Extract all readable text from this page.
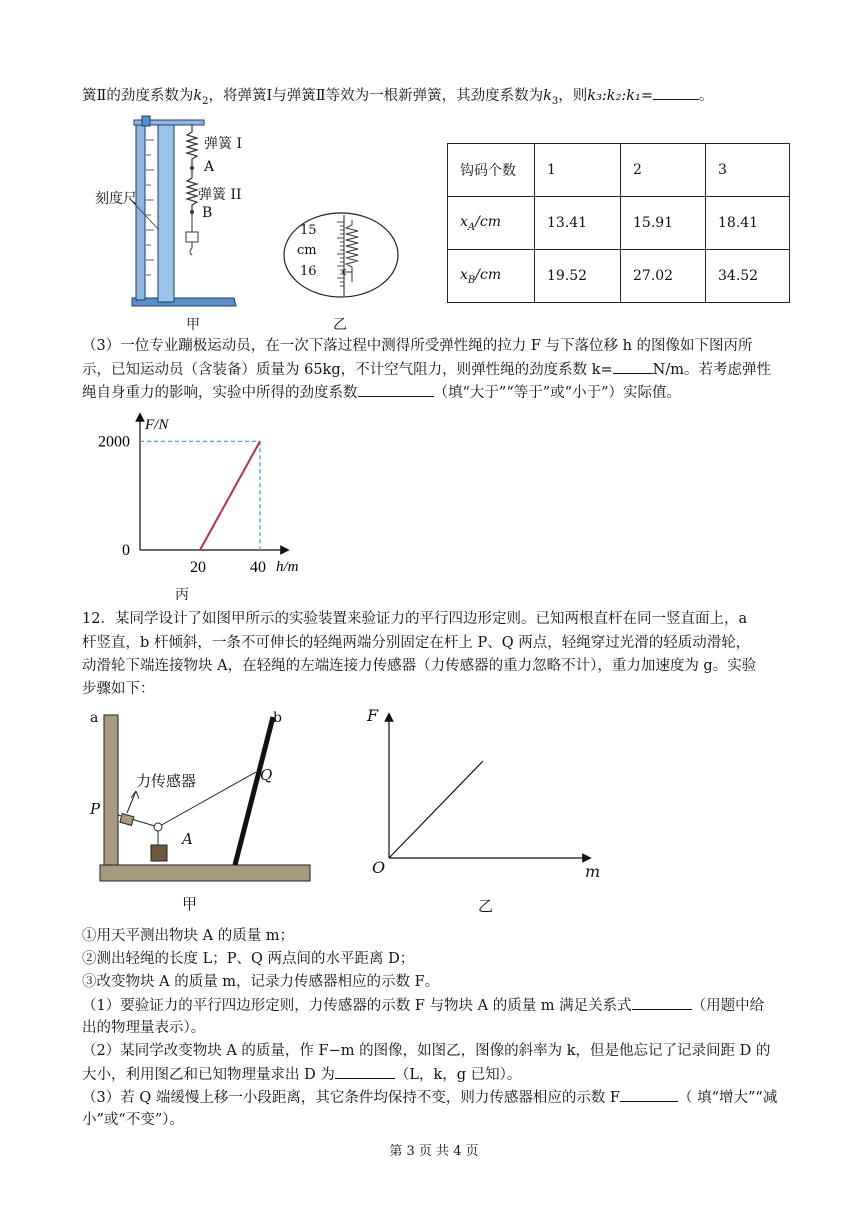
簧Ⅱ的劲度系数为$k_2$，将弹簧Ⅰ与弹簧Ⅱ等效为一根新弹簧，其劲度系数为$k_3$，则k₃:k₂:k₁=	。
刻度尺
弹簧 I
A
弹簧 II
B
甲
15
cm
16
乙
钩码个数	1	2	3
$x_A/cm$	13.41	15.91	18.41
$x_B/cm$	19.52	27.02	34.52
（3）一位专业蹦极运动员，在一次下落过程中测得所受弹性绳的拉力 F 与下落位移 h 的图像如下图丙所
示，已知运动员（含装备）质量为 65kg，不计空气阻力，则弹性绳的劲度系数 k=	N/m。若考虑弹性
绳自身重力的影响，实验中所得的劲度系数	（填“大于”“等于”或“小于”）实际值。
20	40
0
2000
F/N
h/m
丙
12．某同学设计了如图甲所示的实验装置来验证力的平行四边形定则。已知两根直杆在同一竖直面上，a
杆竖直，b 杆倾斜，一条不可伸长的轻绳两端分别固定在杆上 P、Q 两点，轻绳穿过光滑的轻质动滑轮，
动滑轮下端连接物块 A，在轻绳的左端连接力传感器（力传感器的重力忽略不计），重力加速度为 g。实验
步骤如下：
a	b
力传感器
P
Q
A
甲
F
m
O
乙
①用天平测出物块 A 的质量 m；
②测出轻绳的长度 L；P、Q 两点间的水平距离 D；
③改变物块 A 的质量 m，记录力传感器相应的示数 F。
（1）要验证力的平行四边形定则，力传感器的示数 F 与物块 A 的质量 m 满足关系式	（用题中给
出的物理量表示）。
（2）某同学改变物块 A 的质量，作 F−m 的图像，如图乙，图像的斜率为 k，但是他忘记了记录间距 D 的
大小，利用图乙和已知物理量求出 D 为	（L，k，g 已知）。
（3）若 Q 端缓慢上移一小段距离，其它条件均保持不变，则力传感器相应的示数 F	（ 填“增大”“减
小”或“不变”）。
第 3 页 共 4 页
